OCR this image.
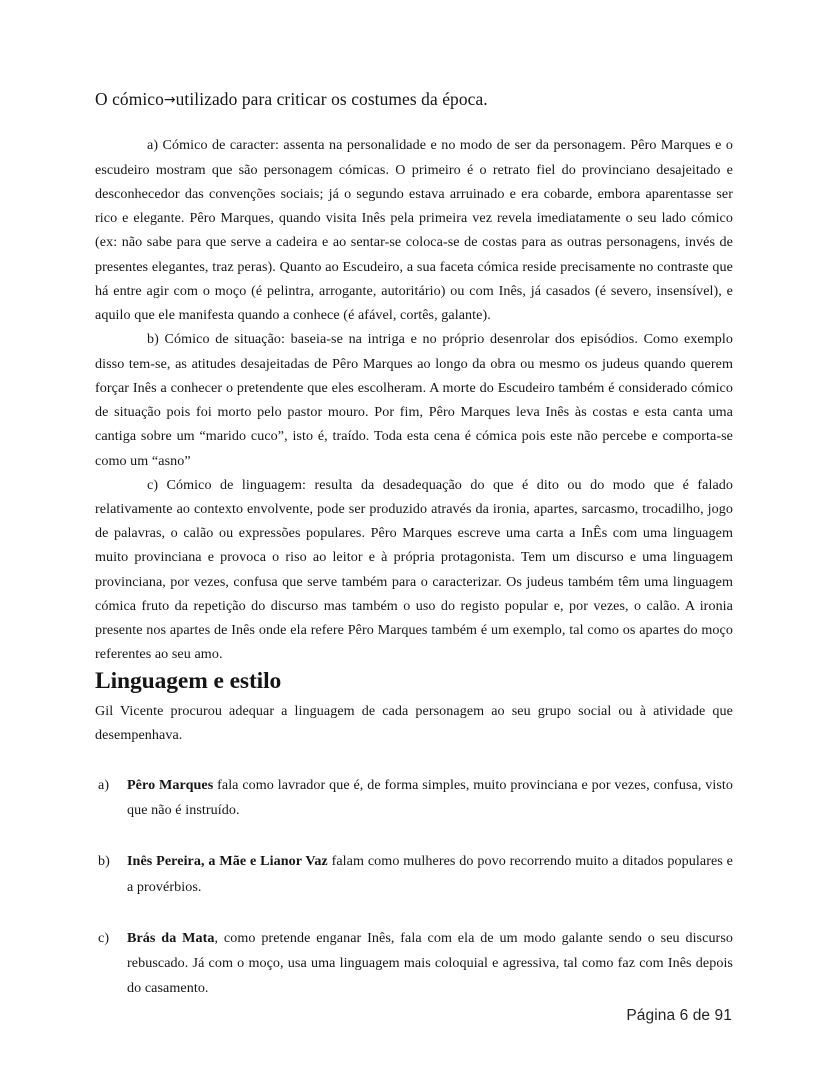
O cómico→utilizado para criticar os costumes da época.

a) Cómico de caracter: assenta na personalidade e no modo de ser da personagem. Pêro Marques e o escudeiro mostram que são personagem cómicas. O primeiro é o retrato fiel do provinciano desajeitado e desconhecedor das convenções sociais; já o segundo estava arruinado e era cobarde, embora aparentasse ser rico e elegante. Pêro Marques, quando visita Inês pela primeira vez revela imediatamente o seu lado cómico (ex: não sabe para que serve a cadeira e ao sentar-se coloca-se de costas para as outras personagens, invés de presentes elegantes, traz peras). Quanto ao Escudeiro, a sua faceta cómica reside precisamente no contraste que há entre agir com o moço (é pelintra, arrogante, autoritário) ou com Inês, já casados (é severo, insensível), e aquilo que ele manifesta quando a conhece (é afável, cortês, galante).

b) Cómico de situação: baseia-se na intriga e no próprio desenrolar dos episódios. Como exemplo disso tem-se, as atitudes desajeitadas de Pêro Marques ao longo da obra ou mesmo os judeus quando querem forçar Inês a conhecer o pretendente que eles escolheram. A morte do Escudeiro também é considerado cómico de situação pois foi morto pelo pastor mouro. Por fim, Pêro Marques leva Inês às costas e esta canta uma cantiga sobre um “marido cuco”, isto é, traído. Toda esta cena é cómica pois este não percebe e comporta-se como um “asno”

c) Cómico de linguagem: resulta da desadequação do que é dito ou do modo que é falado relativamente ao contexto envolvente, pode ser produzido através da ironia, apartes, sarcasmo, trocadilho, jogo de palavras, o calão ou expressões populares. Pêro Marques escreve uma carta a InÊs com uma linguagem muito provinciana e provoca o riso ao leitor e à própria protagonista. Tem um discurso e uma linguagem provinciana, por vezes, confusa que serve também para o caracterizar. Os judeus também têm uma linguagem cómica fruto da repetição do discurso mas também o uso do registo popular e, por vezes, o calão. A ironia presente nos apartes de Inês onde ela refere Pêro Marques também é um exemplo, tal como os apartes do moço referentes ao seu amo.

Linguagem e estilo

Gil Vicente procurou adequar a linguagem de cada personagem ao seu grupo social ou à atividade que desempenhava.

a) Pêro Marques fala como lavrador que é, de forma simples, muito provinciana e por vezes, confusa, visto que não é instruído.
b) Inês Pereira, a Mãe e Lianor Vaz falam como mulheres do povo recorrendo muito a ditados populares e a provérbios.
c) Brás da Mata, como pretende enganar Inês, fala com ela de um modo galante sendo o seu discurso rebuscado. Já com o moço, usa uma linguagem mais coloquial e agressiva, tal como faz com Inês depois do casamento.
Página 6 de 91
